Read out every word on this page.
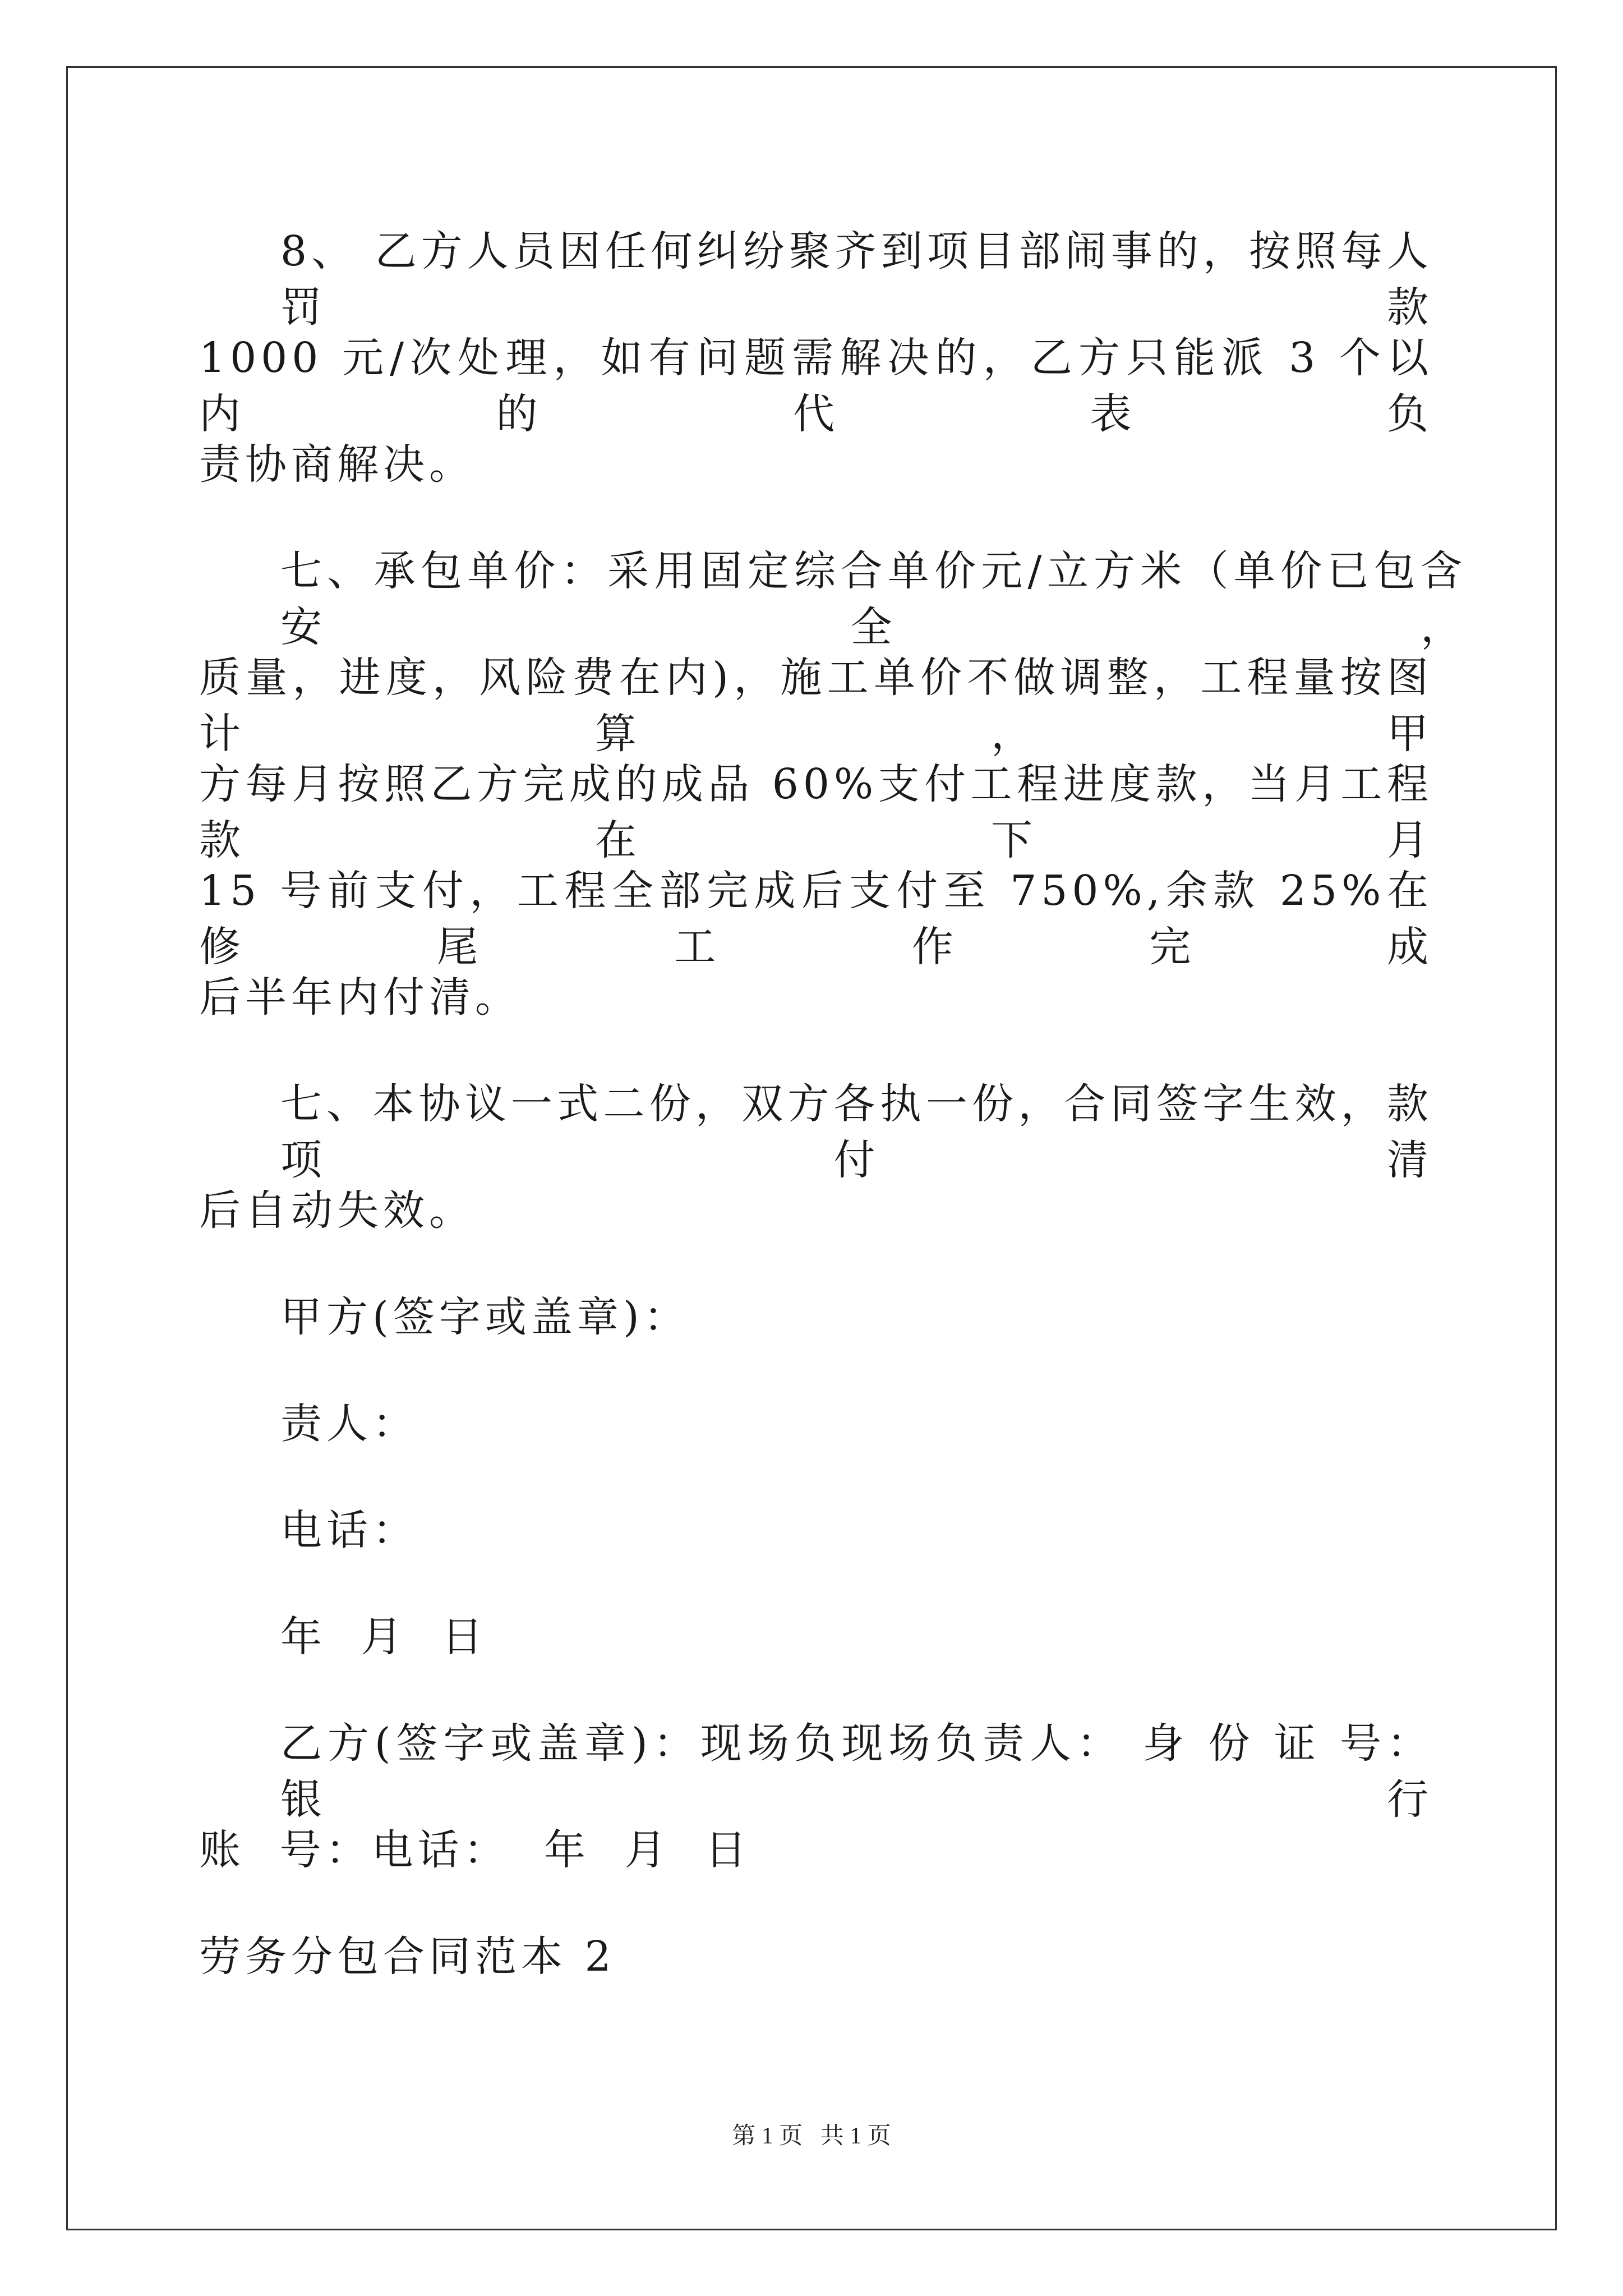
8、 乙方人员因任何纠纷聚齐到项目部闹事的，按照每人罚款
1000 元/次处理，如有问题需解决的，乙方只能派 3 个以内的代表负
责协商解决。
七、承包单价：采用固定综合单价元/立方米（单价已包含安全，
质量，进度，风险费在内)，施工单价不做调整，工程量按图计算，甲
方每月按照乙方完成的成品 60%支付工程进度款，当月工程款在下月
15 号前支付，工程全部完成后支付至 750%,余款 25%在修尾工作完成
后半年内付清。
七、本协议一式二份，双方各执一份，合同签字生效，款项付清
后自动失效。
甲方(签字或盖章)：
责人：
电话：
年 月 日
乙方(签字或盖章)：现场负现场负责人： 身 份 证 号： 银 行
账 号：电话： 年 月 日
劳务分包合同范本 2
第 1 页   共 1 页
